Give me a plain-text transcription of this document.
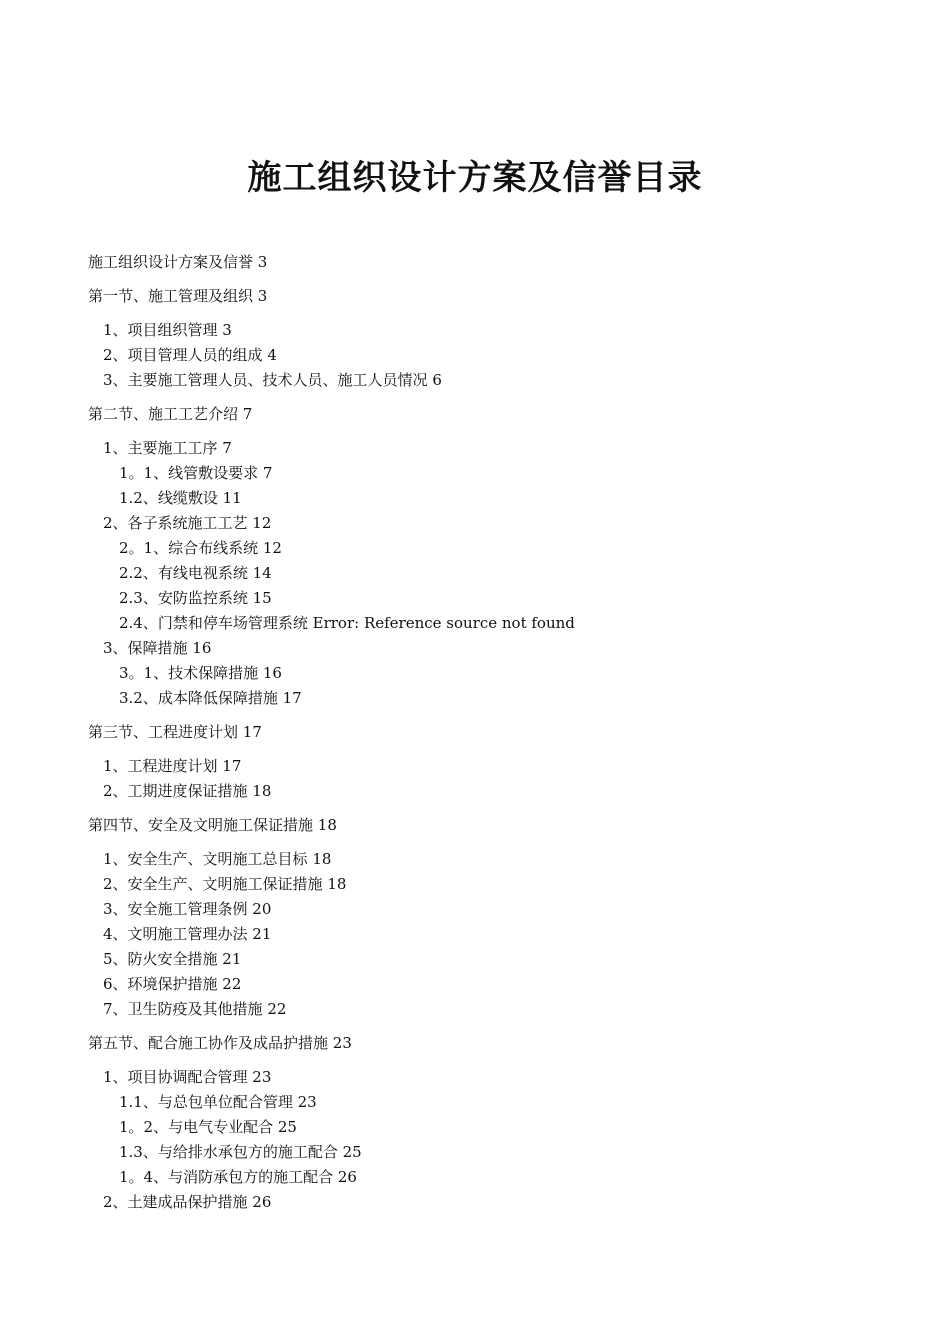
施工组织设计方案及信誉目录
施工组织设计方案及信誉 3
第一节、施工管理及组织 3
1、项目组织管理 3
2、项目管理人员的组成 4
3、主要施工管理人员、技术人员、施工人员情况 6
第二节、施工工艺介绍 7
1、主要施工工序 7
1。1、线管敷设要求 7
1.2、线缆敷设 11
2、各子系统施工工艺 12
2。1、综合布线系统 12
2.2、有线电视系统 14
2.3、安防监控系统 15
2.4、门禁和停车场管理系统 Error: Reference source not found
3、保障措施 16
3。1、技术保障措施 16
3.2、成本降低保障措施 17
第三节、工程进度计划 17
1、工程进度计划 17
2、工期进度保证措施 18
第四节、安全及文明施工保证措施 18
1、安全生产、文明施工总目标 18
2、安全生产、文明施工保证措施 18
3、安全施工管理条例 20
4、文明施工管理办法 21
5、防火安全措施 21
6、环境保护措施 22
7、卫生防疫及其他措施 22
第五节、配合施工协作及成品护措施 23
1、项目协调配合管理 23
1.1、与总包单位配合管理 23
1。2、与电气专业配合 25
1.3、与给排水承包方的施工配合 25
1。4、与消防承包方的施工配合 26
2、土建成品保护措施 26
